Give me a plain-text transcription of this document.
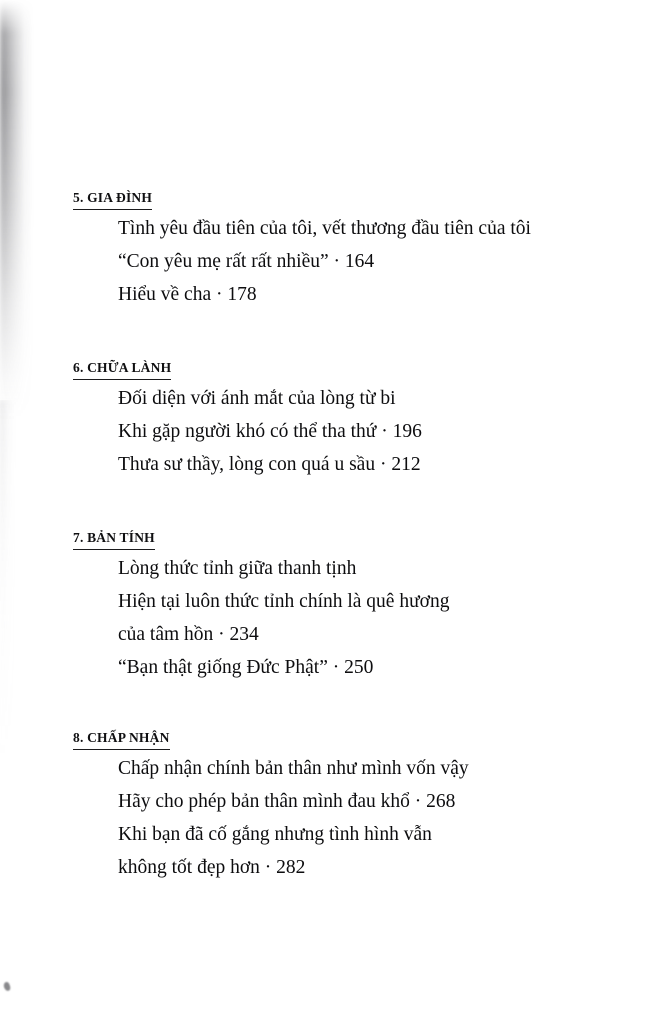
5. GIA ĐÌNH
Tình yêu đầu tiên của tôi, vết thương đầu tiên của tôi
“Con yêu mẹ rất rất nhiều” · 164
Hiểu về cha · 178
6. CHỮA LÀNH
Đối diện với ánh mắt của lòng từ bi
Khi gặp người khó có thể tha thứ · 196
Thưa sư thầy, lòng con quá u sầu · 212
7. BẢN TÍNH
Lòng thức tỉnh giữa thanh tịnh
Hiện tại luôn thức tỉnh chính là quê hương
của tâm hồn · 234
“Bạn thật giống Đức Phật” · 250
8. CHẤP NHẬN
Chấp nhận chính bản thân như mình vốn vậy
Hãy cho phép bản thân mình đau khổ · 268
Khi bạn đã cố gắng nhưng tình hình vẫn
không tốt đẹp hơn · 282
